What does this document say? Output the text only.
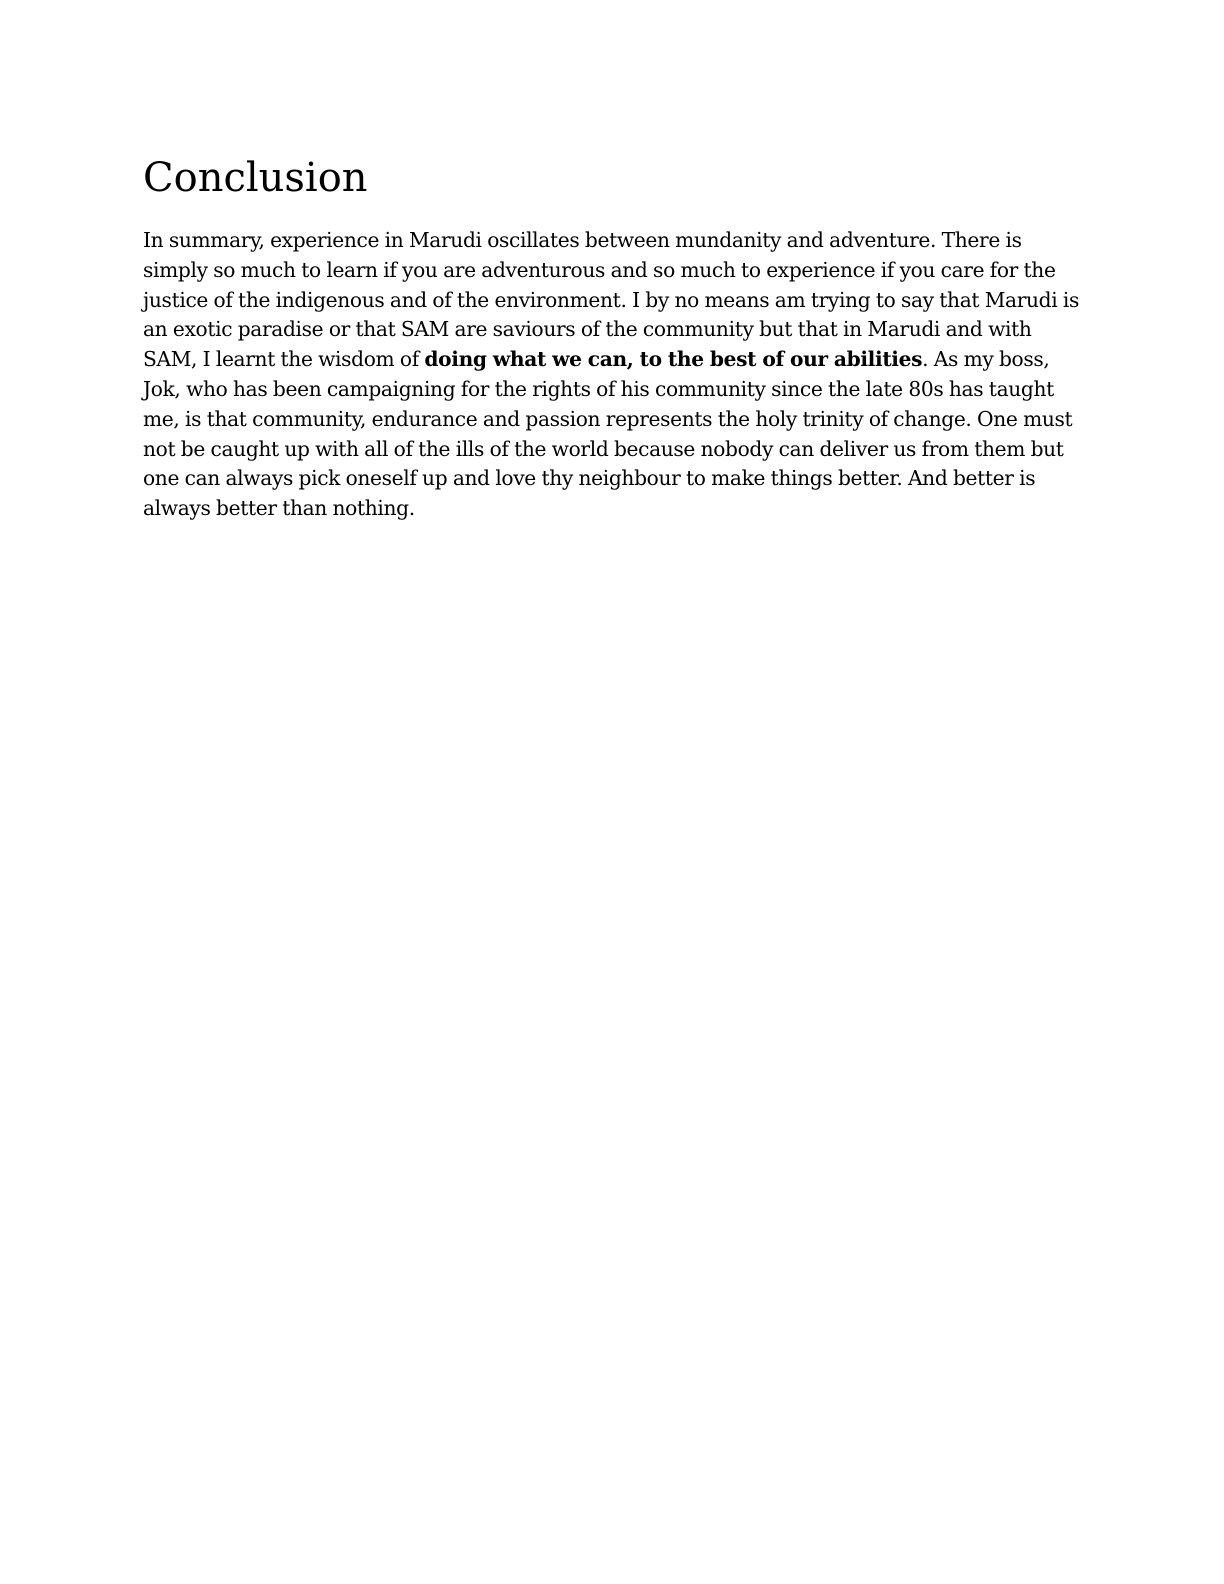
Conclusion

In summary, experience in Marudi oscillates between mundanity and adventure. There is simply so much to learn if you are adventurous and so much to experience if you care for the justice of the indigenous and of the environment. I by no means am trying to say that Marudi is an exotic paradise or that SAM are saviours of the community but that in Marudi and with SAM, I learnt the wisdom of doing what we can, to the best of our abilities. As my boss, Jok, who has been campaigning for the rights of his community since the late 80s has taught me, is that community, endurance and passion represents the holy trinity of change. One must not be caught up with all of the ills of the world because nobody can deliver us from them but one can always pick oneself up and love thy neighbour to make things better. And better is always better than nothing.
